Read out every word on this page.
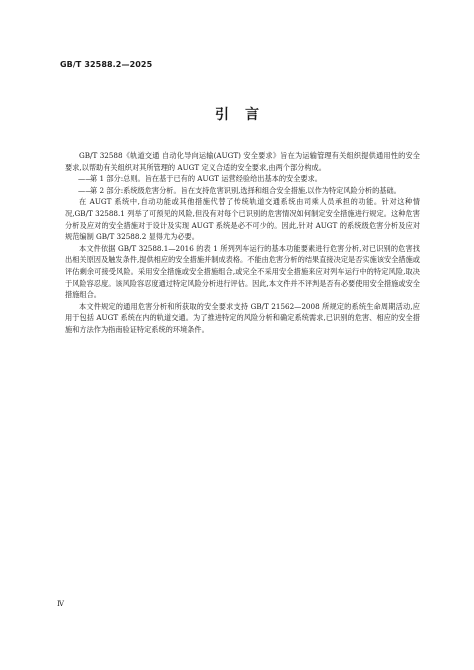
GB/T 32588.2—2025
引言

GB/T 32588《轨道交通 自动化导向运输(AUGT) 安全要求》旨在为运输管理有关组织提供通用性的安全要求,以帮助有关组织对其所管理的 AUGT 定义合适的安全要求,由两个部分构成。

——
第 1 部分:总则。旨在基于已有的 AUGT 运营经验给出基本的安全要求。

——
第 2 部分:系统级危害分析。旨在支持危害识别,选择和组合安全措施,以作为特定风险分析的基础。

在 AUGT 系统中,自动功能或其他措施代替了传统轨道交通系统由司乘人员承担的功能。针对这种情况,GB/T 32588.1 列举了可预见的风险,但没有对每个已识别的危害情况如何制定安全措施进行规定。这种危害分析及应对的安全措施对于设计及实现 AUGT 系统是必不可少的。因此,针对 AUGT 的系统级危害分析及应对规范编制 GB/T 32588.2 显得尤为必要。

本文件依据 GB/T 32588.1—2016 的表 1 所列列车运行的基本功能要素进行危害分析,对已识别的危害找出相关原因及触发条件,提供相应的安全措施并制成表格。不能由危害分析的结果直接决定是否实施该安全措施或评估剩余可接受风险。采用安全措施或安全措施组合,或完全不采用安全措施来应对列车运行中的特定风险,取决于风险容忍度。该风险容忍度通过特定风险分析进行评估。因此,本文件并不评判是否有必要使用安全措施或安全措施组合。

本文件规定的通用危害分析和所获取的安全要求支持 GB/T 21562—2008 所规定的系统生命周期活动,应用于包括 AUGT 系统在内的轨道交通。为了推进特定的风险分析和确定系统需求,已识别的危害、相应的安全措施和方法作为指南验证特定系统的环境条件。

Ⅳ
